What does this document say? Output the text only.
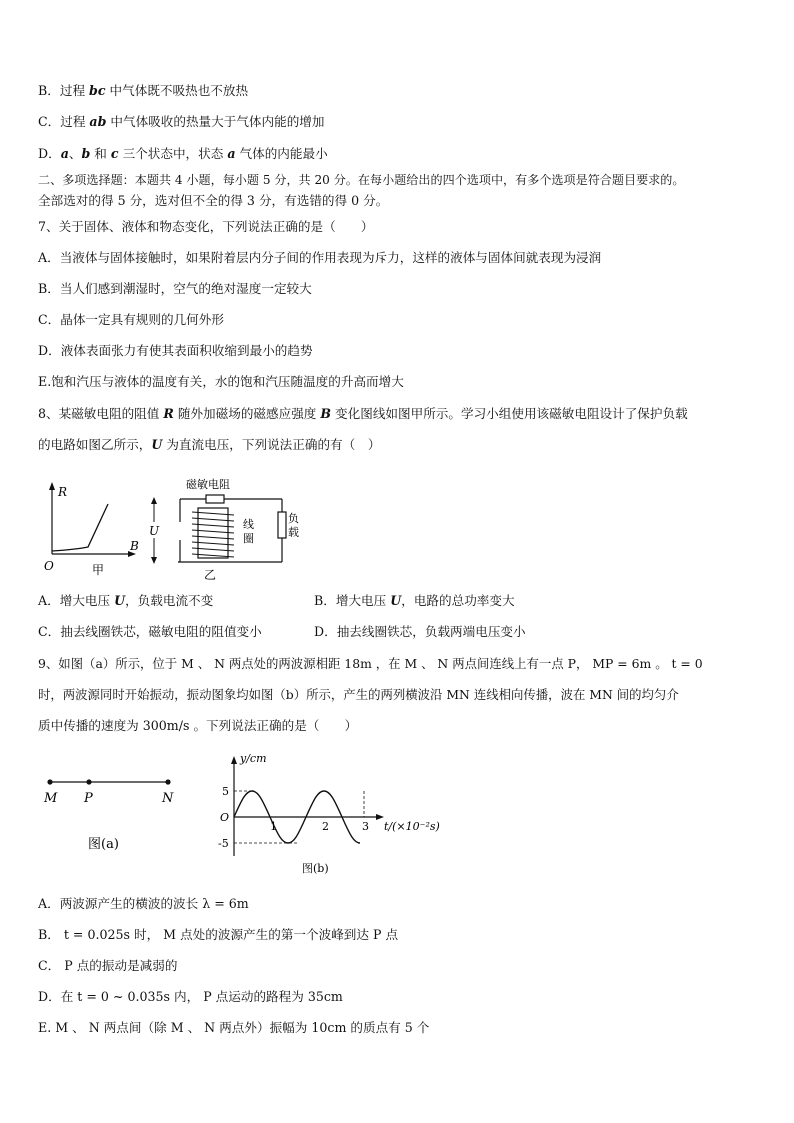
B．过程 bc 中气体既不吸热也不放热
C．过程 ab 中气体吸收的热量大于气体内能的增加
D．a、b 和 c 三个状态中，状态 a 气体的内能最小
二、多项选择题：本题共 4 小题，每小题 5 分，共 20 分。在每小题给出的四个选项中，有多个选项是符合题目要求的。
全部选对的得 5 分，选对但不全的得 3 分，有选错的得 0 分。
7、关于固体、液体和物态变化，下列说法正确的是（　　）
A．当液体与固体接触时，如果附着层内分子间的作用表现为斥力，这样的液体与固体间就表现为浸润
B．当人们感到潮湿时，空气的绝对湿度一定较大
C．晶体一定具有规则的几何外形
D．液体表面张力有使其表面积收缩到最小的趋势
E.饱和汽压与液体的温度有关，水的饱和汽压随温度的升高而增大
8、某磁敏电阻的阻值 R 随外加磁场的磁感应强度 B 变化图线如图甲所示。学习小组使用该磁敏电阻设计了保护负载
的电路如图乙所示，U 为直流电压，下列说法正确的有（　）
R
B
O	甲
磁敏电阻
U	线
圈
负
载
乙
A．增大电压 U，负载电流不变	B．增大电压 U，电路的总功率变大
C．抽去线圈铁芯，磁敏电阻的阻值变小	D．抽去线圈铁芯，负载两端电压变小
9、如图（a）所示，位于 M 、 N 两点处的两波源相距 18m ，在 M 、 N 两点间连线上有一点 P， MP = 6m 。 t = 0
时，两波源同时开始振动，振动图象均如图（b）所示，产生的两列横波沿 MN 连线相向传播，波在 MN 间的均匀介
质中传播的速度为 300m/s 。下列说法正确的是（　　）
M P	N
图(a)
y/cm
5
O
-5
1	2	3 t/(×10⁻²s)
图(b)
A．两波源产生的横波的波长 λ = 6m
B． t = 0.025s 时， M 点处的波源产生的第一个波峰到达 P 点
C． P 点的振动是减弱的
D．在 t = 0 ~ 0.035s 内， P 点运动的路程为 35cm
E. M 、 N 两点间（除 M 、 N 两点外）振幅为 10cm 的质点有 5 个
